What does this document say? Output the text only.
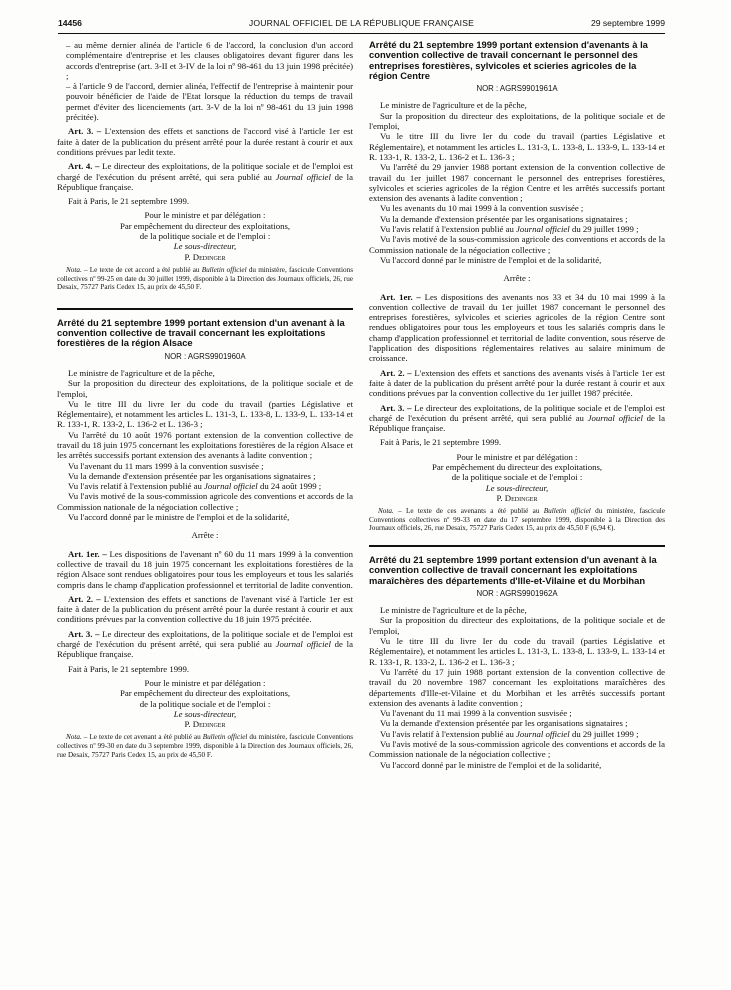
14456	JOURNAL OFFICIEL DE LA RÉPUBLIQUE FRANÇAISE	29 septembre 1999

– au même dernier alinéa de l'article 6 de l'accord, la conclusion d'un accord complémentaire d'entreprise et les clauses obligatoires devant figurer dans les accords d'entreprise (art. 3-II et 3-IV de la loi nº 98-461 du 13 juin 1998 précitée) ;

– à l'article 9 de l'accord, dernier alinéa, l'effectif de l'entreprise à maintenir pour pouvoir bénéficier de l'aide de l'Etat lorsque la réduction du temps de travail permet d'éviter des licenciements (art. 3-V de la loi nº 98-461 du 13 juin 1998 précitée).

Art. 3. – L'extension des effets et sanctions de l'accord visé à l'article 1er est faite à dater de la publication du présent arrêté pour la durée restant à courir et aux conditions prévues par ledit texte.

Art. 4. – Le directeur des exploitations, de la politique sociale et de l'emploi est chargé de l'exécution du présent arrêté, qui sera publié au Journal officiel de la République française.

Fait à Paris, le 21 septembre 1999.

Pour le ministre et par délégation :
Par empêchement du directeur des exploitations,
de la politique sociale et de l'emploi :
Le sous-directeur,
P. Dedinger

Nota. – Le texte de cet accord a été publié au Bulletin officiel du ministère, fascicule Conventions collectives nº 99-25 en date du 30 juillet 1999, disponible à la Direction des Journaux officiels, 26, rue Desaix, 75727 Paris Cedex 15, au prix de 45,50 F.

Arrêté du 21 septembre 1999 portant extension d'un avenant à la convention collective de travail concernant les exploitations forestières de la région Alsace

NOR : AGRS9901960A

Le ministre de l'agriculture et de la pêche,

Sur la proposition du directeur des exploitations, de la politique sociale et de l'emploi,

Vu le titre III du livre Ier du code du travail (parties Législative et Réglementaire), et notamment les articles L. 131-3, L. 133-8, L. 133-9, L. 133-14 et R. 133-1, R. 133-2, L. 136-2 et L. 136-3 ;

Vu l'arrêté du 10 août 1976 portant extension de la convention collective de travail du 18 juin 1975 concernant les exploitations forestières de la région Alsace et les arrêtés successifs portant extension des avenants à ladite convention ;

Vu l'avenant du 11 mars 1999 à la convention susvisée ;

Vu la demande d'extension présentée par les organisations signataires ;

Vu l'avis relatif à l'extension publié au Journal officiel du 24 août 1999 ;

Vu l'avis motivé de la sous-commission agricole des conventions et accords de la Commission nationale de la négociation collective ;

Vu l'accord donné par le ministre de l'emploi et de la solidarité,

Arrête :

Art. 1er. – Les dispositions de l'avenant nº 60 du 11 mars 1999 à la convention collective de travail du 18 juin 1975 concernant les exploitations forestières de la région Alsace sont rendues obligatoires pour tous les employeurs et tous les salariés compris dans le champ d'application professionnel et territorial de ladite convention.

Art. 2. – L'extension des effets et sanctions de l'avenant visé à l'article 1er est faite à dater de la publication du présent arrêté pour la durée restant à courir et aux conditions prévues par la convention collective du 18 juin 1975 précitée.

Art. 3. – Le directeur des exploitations, de la politique sociale et de l'emploi est chargé de l'exécution du présent arrêté, qui sera publié au Journal officiel de la République française.

Fait à Paris, le 21 septembre 1999.

Pour le ministre et par délégation :
Par empêchement du directeur des exploitations,
de la politique sociale et de l'emploi :
Le sous-directeur,
P. Dedinger

Nota. – Le texte de cet avenant a été publié au Bulletin officiel du ministère, fascicule Conventions collectives nº 99-30 en date du 3 septembre 1999, disponible à la Direction des Journaux officiels, 26, rue Desaix, 75727 Paris Cedex 15, au prix de 45,50 F.

Arrêté du 21 septembre 1999 portant extension d'avenants à la convention collective de travail concernant le personnel des entreprises forestières, sylvicoles et scieries agricoles de la région Centre

NOR : AGRS9901961A

Le ministre de l'agriculture et de la pêche,

Sur la proposition du directeur des exploitations, de la politique sociale et de l'emploi,

Vu le titre III du livre Ier du code du travail (parties Législative et Réglementaire), et notamment les articles L. 131-3, L. 133-8, L. 133-9, L. 133-14 et R. 133-1, R. 133-2, L. 136-2 et L. 136-3 ;

Vu l'arrêté du 29 janvier 1988 portant extension de la convention collective de travail du 1er juillet 1987 concernant le personnel des entreprises forestières, sylvicoles et scieries agricoles de la région Centre et les arrêtés successifs portant extension des avenants à ladite convention ;

Vu les avenants du 10 mai 1999 à la convention susvisée ;

Vu la demande d'extension présentée par les organisations signataires ;

Vu l'avis relatif à l'extension publié au Journal officiel du 29 juillet 1999 ;

Vu l'avis motivé de la sous-commission agricole des conventions et accords de la Commission nationale de la négociation collective ;

Vu l'accord donné par le ministre de l'emploi et de la solidarité,

Arrête :

Art. 1er. – Les dispositions des avenants nos 33 et 34 du 10 mai 1999 à la convention collective de travail du 1er juillet 1987 concernant le personnel des entreprises forestières, sylvicoles et scieries agricoles de la région Centre sont rendues obligatoires pour tous les employeurs et tous les salariés compris dans le champ d'application professionnel et territorial de ladite convention, sous réserve de l'application des dispositions réglementaires relatives au salaire minimum de croissance.

Art. 2. – L'extension des effets et sanctions des avenants visés à l'article 1er est faite à dater de la publication du présent arrêté pour la durée restant à courir et aux conditions prévues par la convention collective du 1er juillet 1987 précitée.

Art. 3. – Le directeur des exploitations, de la politique sociale et de l'emploi est chargé de l'exécution du présent arrêté, qui sera publié au Journal officiel de la République française.

Fait à Paris, le 21 septembre 1999.

Pour le ministre et par délégation :
Par empêchement du directeur des exploitations,
de la politique sociale et de l'emploi :
Le sous-directeur,
P. Dedinger

Nota. – Le texte de ces avenants a été publié au Bulletin officiel du ministère, fascicule Conventions collectives nº 99-33 en date du 17 septembre 1999, disponible à la Direction des Journaux officiels, 26, rue Desaix, 75727 Paris Cedex 15, au prix de 45,50 F (6,94 €).

Arrêté du 21 septembre 1999 portant extension d'un avenant à la convention collective de travail concernant les exploitations maraîchères des départements d'Ille-et-Vilaine et du Morbihan

NOR : AGRS9901962A

Le ministre de l'agriculture et de la pêche,

Sur la proposition du directeur des exploitations, de la politique sociale et de l'emploi,

Vu le titre III du livre Ier du code du travail (parties Législative et Réglementaire), et notamment les articles L. 131-3, L. 133-8, L. 133-9, L. 133-14 et R. 133-1, R. 133-2, L. 136-2 et L. 136-3 ;

Vu l'arrêté du 17 juin 1988 portant extension de la convention collective de travail du 20 novembre 1987 concernant les exploitations maraîchères des départements d'Ille-et-Vilaine et du Morbihan et les arrêtés successifs portant extension des avenants à ladite convention ;

Vu l'avenant du 11 mai 1999 à la convention susvisée ;

Vu la demande d'extension présentée par les organisations signataires ;

Vu l'avis relatif à l'extension publié au Journal officiel du 29 juillet 1999 ;

Vu l'avis motivé de la sous-commission agricole des conventions et accords de la Commission nationale de la négociation collective ;

Vu l'accord donné par le ministre de l'emploi et de la solidarité,
